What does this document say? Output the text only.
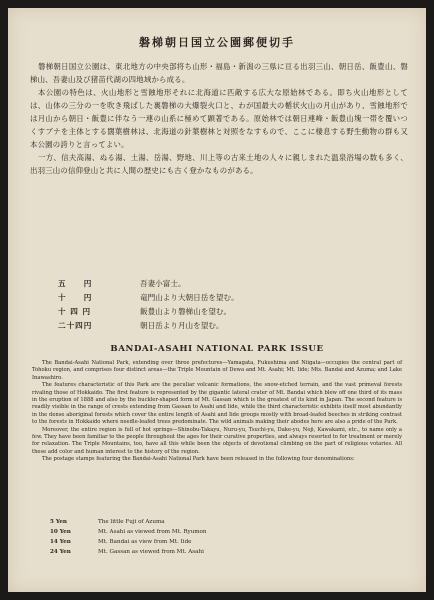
磐梯朝日国立公園郵便切手

磐梯朝日国立公園は、東北地方の中央部将ち山形・福島・新潟の三県に亘る出羽三山、朝日岳、飯豊山、磐梯山、吾妻山及び猪苗代湖の四地域から成る。

本公園の特色は、火山地形と雪蝕地形それに北海道に匹敵する広大な原始林である。即ち火山地形としては、山体の三分の一を吹き飛ばした裏磐梯の大爆裂火口と、わが国最大の楯状火山の月山があり、雪蝕地形では月山から朝日・飯豊に伴なう一連の山系に極めて顕著である。原始林では朝日連峰・飯豊山塊一帯を覆いつくすブナを主体とする闊葉樹林は、北海道の針葉樹林と対照をなすもので、ここに棲息する野生動物の群も又本公園の誇りと言ってよい。

一方、信夫高湯、ぬる湯、土湯、岳湯、野地、川上等の古来土地の人々に親しまれた温泉浴場の数も多く、出羽三山の信仰登山と共に人間の歴史にも古く登かなものがある。

五　　円	吾妻小富士。
十　　円	竜門山より大朝日岳を望む。
十 四 円	飯豊山より磐梯山を望む。
二十四円	朝日岳より月山を望む。
BANDAI-ASAHI NATIONAL PARK ISSUE

The Bandai-Asahi National Park, extending over three prefectures—Yamagata, Fukushima and Niigata—occupies the central part of Tohoku region, and comprises four distinct areas—the Triple Mountain of Dewa and Mt. Asahi; Mt. Iide; Mts. Bandai and Azuma; and Lake Inawashiro.

The features characteristic of this Park are the peculiar volcanic formations, the snow-etched terrain, and the vast primeval forests rivaling those of Hokkaido. The first feature is represented by the gigantic lateral crater of Mt. Bandai which blew off one third of its mass in the eruption of 1888 and also by the buckler-shaped form of Mt. Gassan which is the greatest of its kind in Japan. The second feature is readily visible in the range of crests extending from Gassan to Asahi and Iide, while the third characteristic exhibits itself most abundantly in the dense aboriginal forests which cover the entire length of Asahi and Iide groups mostly with broad-leafed beeches in striking contrast to the forests in Hokkaido where needle-leafed trees predominate. The wild animals making their abodes here are also a pride of the Park.

Moreover, the entire region is full of hot springs—Shinobu-Takayu, Nuru-yu, Tsuchi-yu, Dake-yu, Noji, Kawakami, etc., to name only a few. They have been familiar to the people throughout the ages for their curative properties, and always resorted to for treatment or merely for relaxation. The Triple Mountains, too, have all this while been the objects of devotional climbing on the part of religious votaries. All these add color and human interest to the history of the region.

The postage stamps featuring the Bandai-Asahi National Park have been released in the following four denominations:

5 Yen	The little Fuji of Azuma
10 Yen	Mt. Asahi as viewed from Mt. Ryumon
14 Yen	Mt. Bandai as view from Mt. Iide
24 Yen	Mt. Gassan as viewed from Mt. Asahi
